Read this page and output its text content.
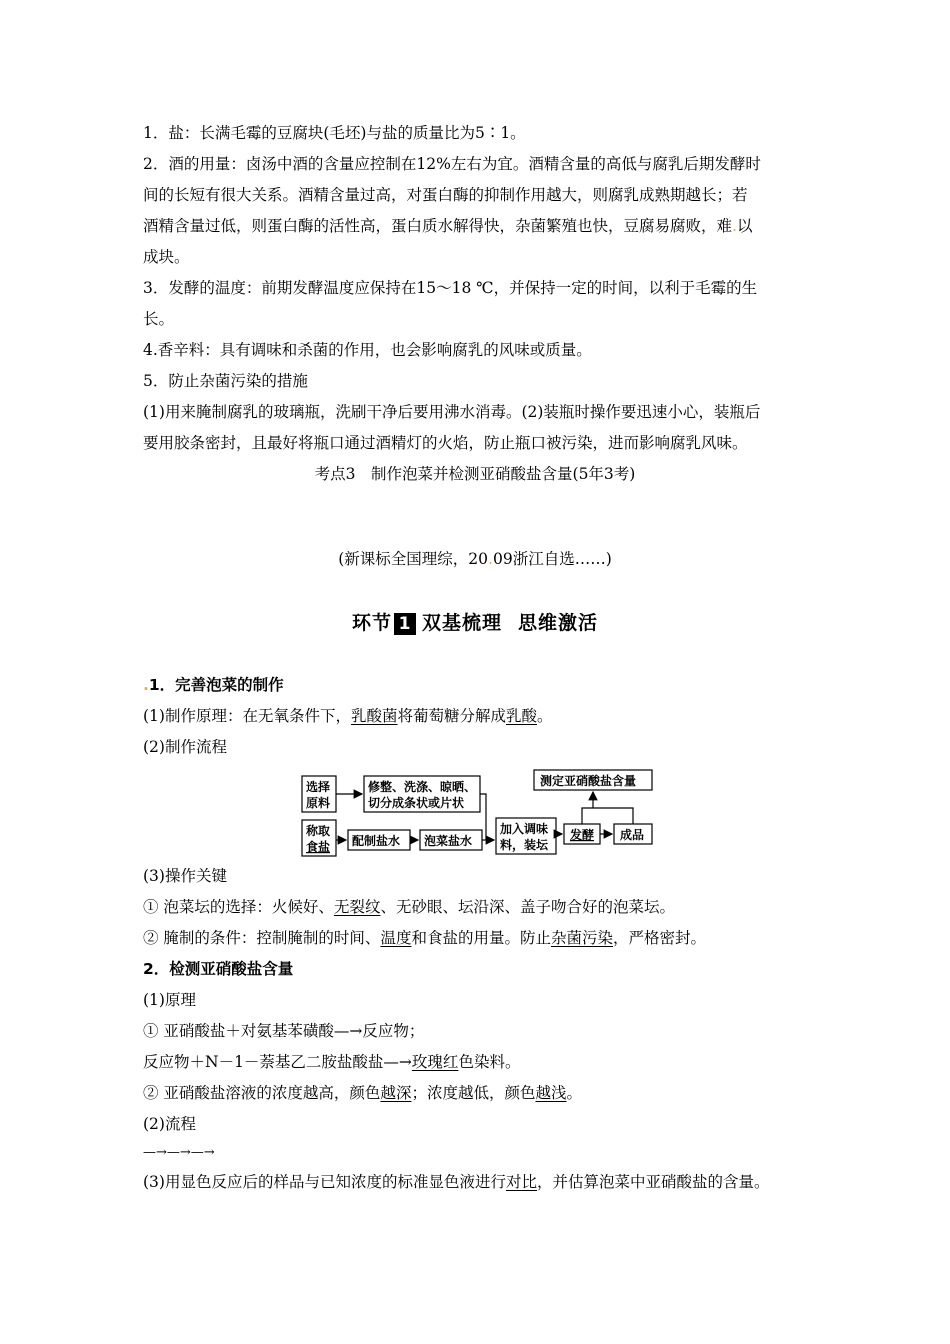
1．盐：长满毛霉的豆腐块(毛坯)与盐的质量比为5∶1。
2．酒的用量：卤汤中酒的含量应控制在12%左右为宜。酒精含量的高低与腐乳后期发酵时
间的长短有很大关系。酒精含量过高，对蛋白酶的抑制作用越大，则腐乳成熟期越长；若
酒精含量过低，则蛋白酶的活性高，蛋白质水解得快，杂菌繁殖也快，豆腐易腐败，难.以
成块。
3．发酵的温度：前期发酵温度应保持在15～18 ℃，并保持一定的时间，以利于毛霉的生
长。
4.香辛料：具有调味和杀菌的作用，也会影响腐乳的风味或质量。
5．防止杂菌污染的措施
(1)用来腌制腐乳的玻璃瓶，洗刷干净后要用沸水消毒。(2)装瓶时操作要迅速小心，装瓶后
要用胶条密封，且最好将瓶口通过酒精灯的火焰，防止瓶口被污染，进而影响腐乳风味。
考点3　制作泡菜并检测亚硝酸盐含量(5年3考)
(新课标全国理综，20.09浙江自选……)
环节 1 双基梳理 思维激活
.1．完善泡菜的制作
(1)制作原理：在无氧条件下，乳酸菌将葡萄糖分解成乳酸。
(2)制作流程
选择
原料
修整、洗涤、晾晒、
切分成条状或片状
称取
食盐 配制盐水 泡菜盐水
加入调味
料，装坛
发酵 成品
测定亚硝酸盐含量
(3)操作关键
① 泡菜坛的选择：火候好、无裂纹、无砂眼、坛沿深、盖子吻合好的泡菜坛。
② 腌制的条件：控制腌制的时间、温度和食盐的用量。防止杂菌污染，严格密封。
2．检测亚硝酸盐含量
(1)原理
① 亚硝酸盐＋对氨基苯磺酸—→反应物；
反应物＋N－1－萘基乙二胺盐酸盐—→玫瑰红色染料。
② 亚硝酸盐溶液的浓度越高，颜色越深；浓度越低，颜色越浅。
(2)流程
—→—→—→
(3)用显色反应后的样品与已知浓度的标准显色液进行对比，并估算泡菜中亚硝酸盐的含量。
